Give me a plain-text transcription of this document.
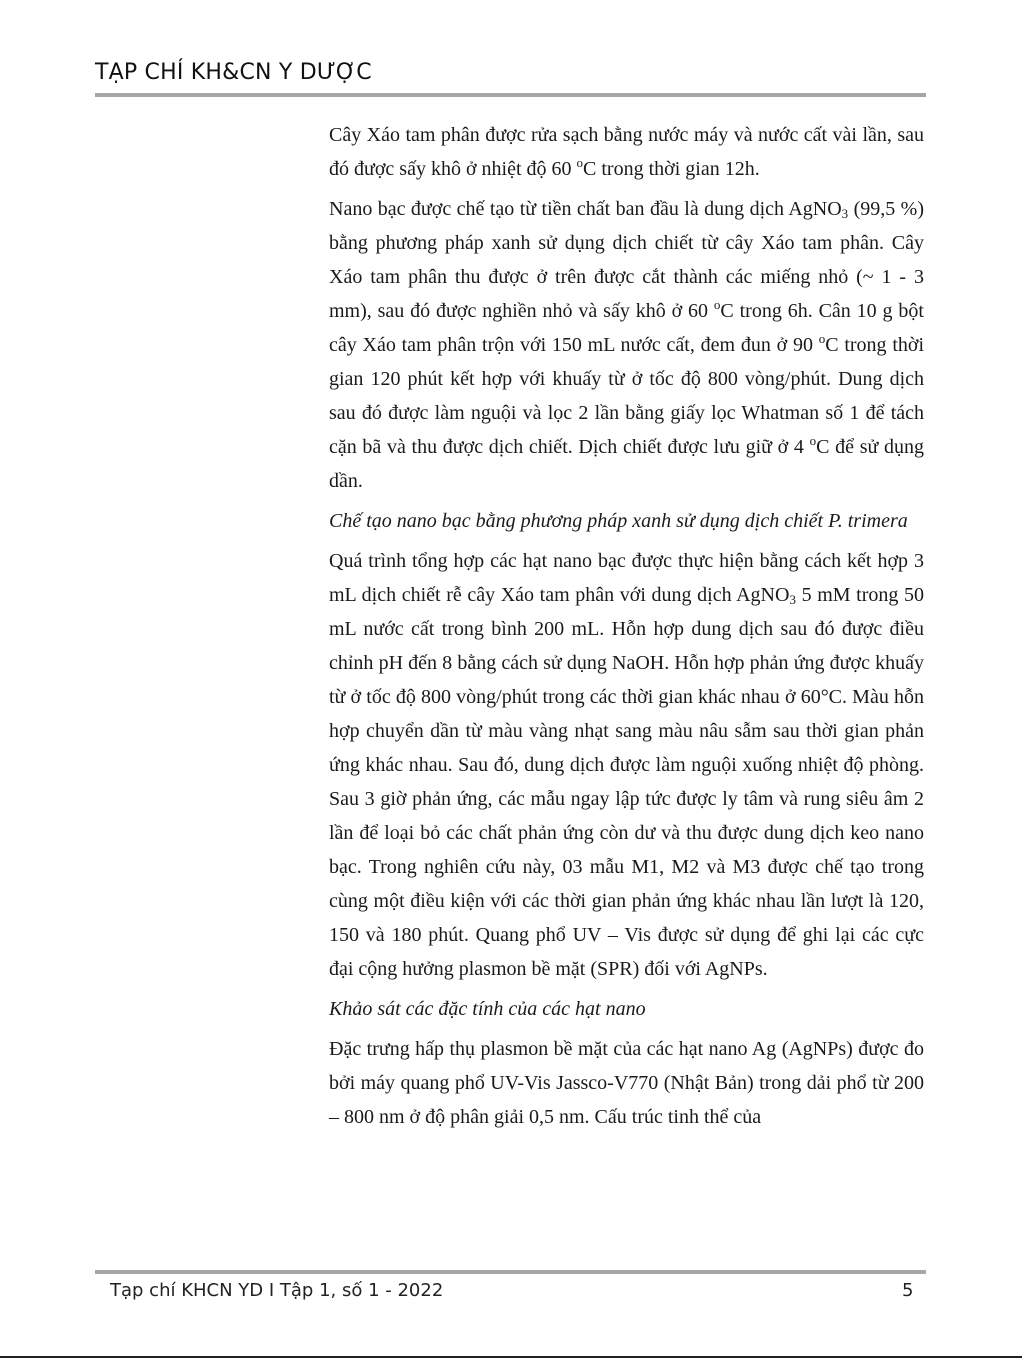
TẠP CHÍ KH&CN Y DƯỢC

Cây Xáo tam phân được rửa sạch bằng nước máy và nước cất vài lần, sau đó được sấy khô ở nhiệt độ 60 $^o$C trong thời gian 12h.

Nano bạc được chế tạo từ tiền chất ban đầu là dung dịch AgNO$_3$ (99,5 %) bằng phương pháp xanh sử dụng dịch chiết từ cây Xáo tam phân. Cây Xáo tam phân thu được ở trên được cắt thành các miếng nhỏ (~ 1 - 3 mm), sau đó được nghiền nhỏ và sấy khô ở 60 $^o$C trong 6h. Cân 10 g bột cây Xáo tam phân trộn với 150 mL nước cất, đem đun ở 90 $^o$C trong thời gian 120 phút kết hợp với khuấy từ ở tốc độ 800 vòng/phút. Dung dịch sau đó được làm nguội và lọc 2 lần bằng giấy lọc Whatman số 1 để tách cặn bã và thu được dịch chiết. Dịch chiết được lưu giữ ở 4 $^o$C để sử dụng dần.

Chế tạo nano bạc bằng phương pháp xanh sử dụng dịch chiết P. trimera

Quá trình tổng hợp các hạt nano bạc được thực hiện bằng cách kết hợp 3 mL dịch chiết rễ cây Xáo tam phân với dung dịch AgNO$_3$ 5 mM trong 50 mL nước cất trong bình 200 mL. Hỗn hợp dung dịch sau đó được điều chỉnh pH đến 8 bằng cách sử dụng NaOH. Hỗn hợp phản ứng được khuấy từ ở tốc độ 800 vòng/phút trong các thời gian khác nhau ở 60°C. Màu hỗn hợp chuyển dần từ màu vàng nhạt sang màu nâu sẫm sau thời gian phản ứng khác nhau. Sau đó, dung dịch được làm nguội xuống nhiệt độ phòng. Sau 3 giờ phản ứng, các mẫu ngay lập tức được ly tâm và rung siêu âm 2 lần để loại bỏ các chất phản ứng còn dư và thu được dung dịch keo nano bạc. Trong nghiên cứu này, 03 mẫu M1, M2 và M3 được chế tạo trong cùng một điều kiện với các thời gian phản ứng khác nhau lần lượt là 120, 150 và 180 phút. Quang phổ UV – Vis được sử dụng để ghi lại các cực đại cộng hưởng plasmon bề mặt (SPR) đối với AgNPs.

Khảo sát các đặc tính của các hạt nano

Đặc trưng hấp thụ plasmon bề mặt của các hạt nano Ag (AgNPs) được đo bởi máy quang phổ UV-Vis Jassco-V770 (Nhật Bản) trong dải phổ từ 200 – 800 nm ở độ phân giải 0,5 nm. Cấu trúc tinh thể của

Tạp chí KHCN YD I Tập 1, số 1 - 2022	5
